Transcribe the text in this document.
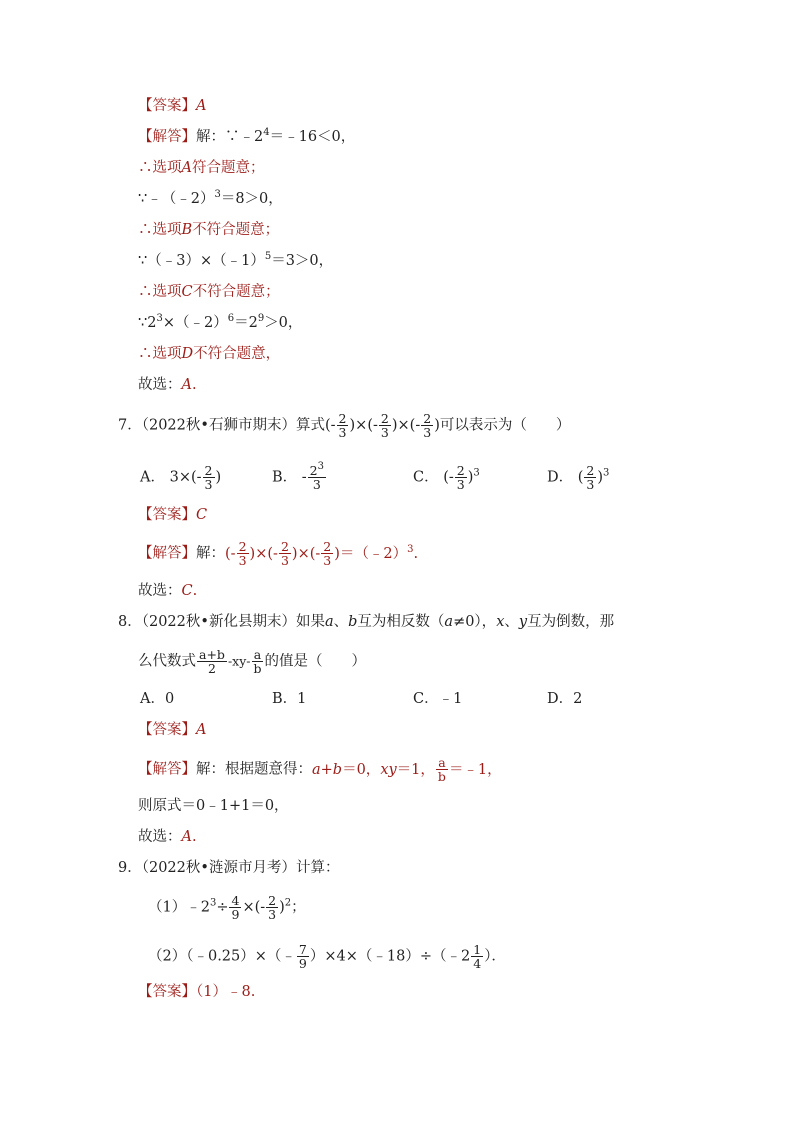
【答案】A
【解答】解：$\because﹣2^4=﹣16<0$，
∴选项A符合题意；
∵﹣（﹣2）$^3$＝8＞0，
∴选项B不符合题意；
∵（﹣3）×（﹣1）$^5$＝3＞0，
∴选项C不符合题意；
$\because 2^3\times(﹣2)^6=2^9>0$，
∴选项D不符合题意，
故选：A.
7．（2022秋•石狮市期末）算式(- $\frac{2}{3}$ )×(- $\frac{2}{3}$ )×(- $\frac{2}{3}$ )可以表示为（　　）
A． $3\times(- \frac{2}{3}$ )	B． - $\frac{2^3}{3}$	C． (- $\frac{2}{3} )^3$	D． ( $\frac{2}{3} )^3$
【答案】C
【解答】解：(- $\frac{2}{3}$ )×(- $\frac{2}{3}$ )×(- $\frac{2}{3}$ )＝（﹣2）$^3$.
故选：C.
8．（2022秋•新化县期末）如果a、b互为相反数（a≠0），x、y互为倒数，那
么代数式 $\frac{a+b}{2} -xy- \frac{a}{b}$ 的值是（　　）
A．0	B．1	C．﹣1	D．2
【答案】A
【解答】解：根据题意得：a+b＝0，xy＝1， $\frac{a}{b}$ ＝﹣1，
则原式＝0﹣1+1＝0，
故选：A.
9．（2022秋•涟源市月考）计算：
$(1)﹣2^3\div \frac{4}{9}$ ×(- $\frac{2}{3} )^2$；
（2）（﹣0.25）×（﹣ $\frac{7}{9}$ ）×4×（﹣18）÷（﹣2 $\frac{1}{4}$ ）．
【答案】（1）﹣8.
